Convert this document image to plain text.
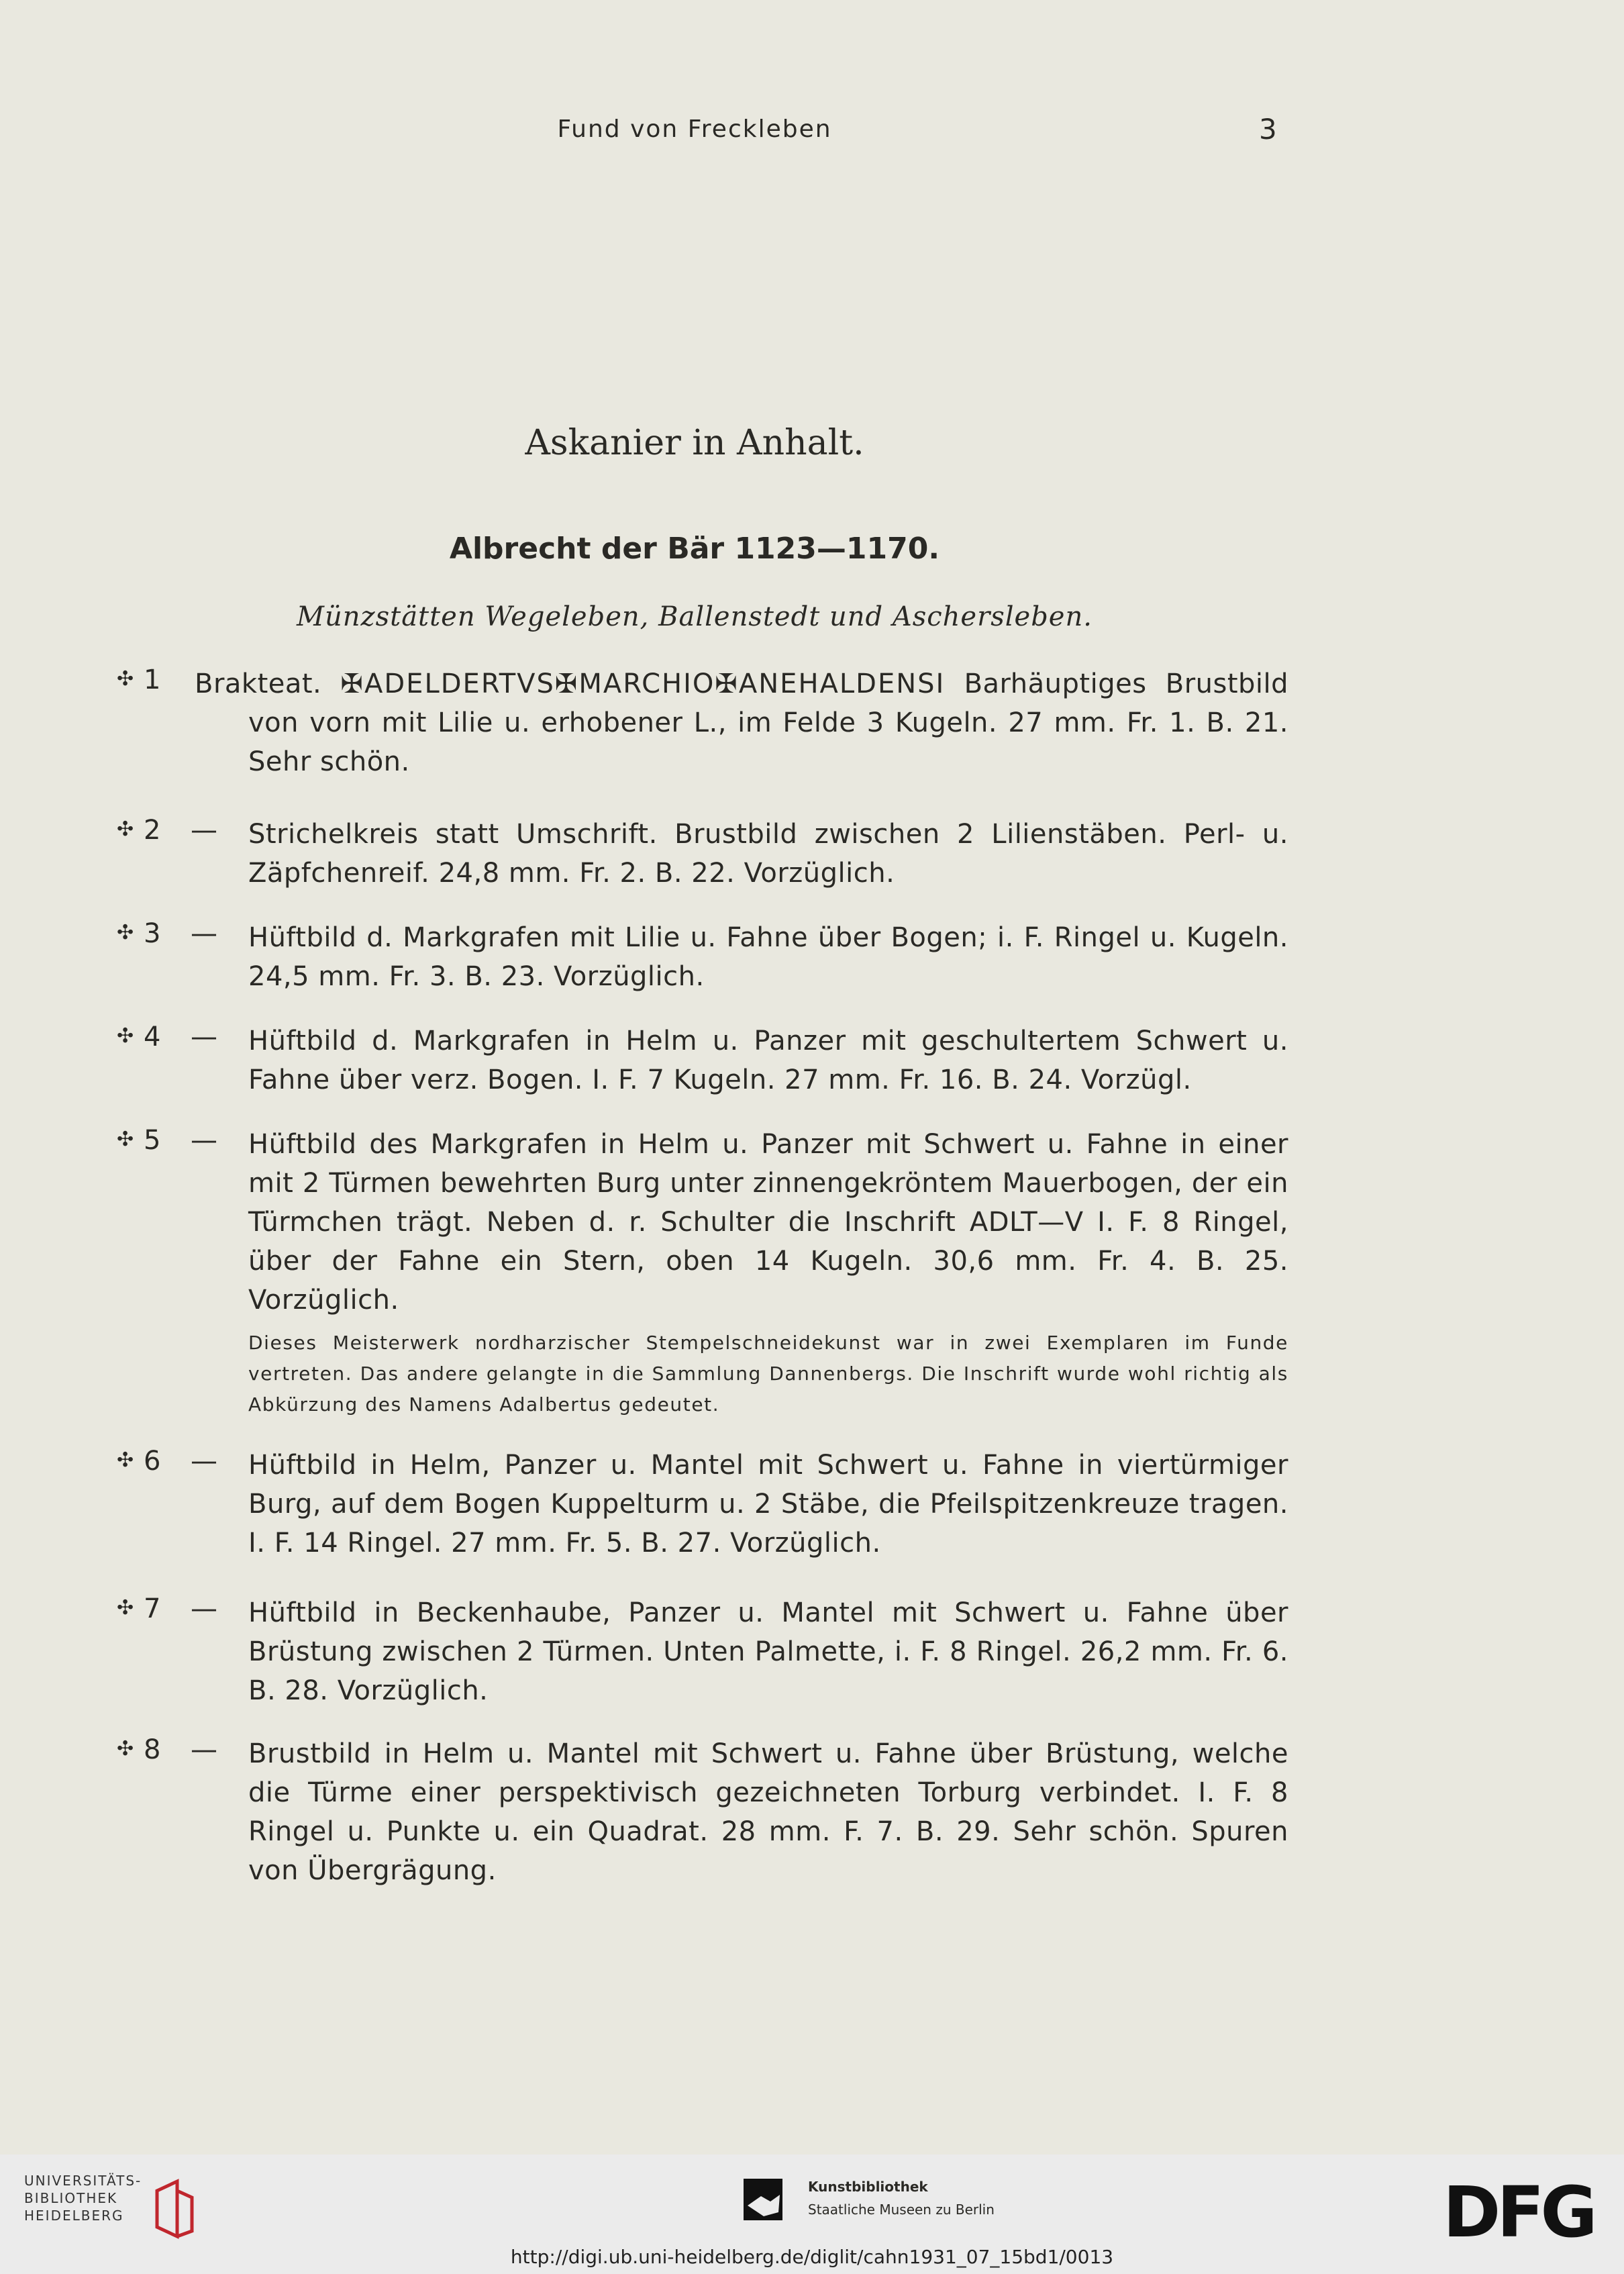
Fund von Freckleben	3
Askanier in Anhalt.
Albrecht der Bär 1123—1170.
Münzstätten Wegeleben, Ballenstedt und Aschersleben.
✣ 1 Brakteat. ✠ADELDERTVS✠MARCHIO✠ANEHALDENSI Barhäuptiges Brustbild von vorn mit Lilie u. erhobener L., im Felde 3 Kugeln. 27 mm. Fr. 1. B. 21. Sehr schön.
✣ 2 — Strichelkreis statt Umschrift. Brustbild zwischen 2 Lilienstäben. Perl- u. Zäpfchenreif. 24,8 mm. Fr. 2. B. 22. Vorzüglich.
✣ 3 — Hüftbild d. Markgrafen mit Lilie u. Fahne über Bogen; i. F. Ringel u. Kugeln. 24,5 mm. Fr. 3. B. 23. Vorzüglich.
✣ 4 — Hüftbild d. Markgrafen in Helm u. Panzer mit geschultertem Schwert u. Fahne über verz. Bogen. I. F. 7 Kugeln. 27 mm. Fr. 16. B. 24. Vorzügl.
✣ 5 — Hüftbild des Markgrafen in Helm u. Panzer mit Schwert u. Fahne in einer mit 2 Türmen bewehrten Burg unter zinnengekröntem Mauerbogen, der ein Türmchen trägt. Neben d. r. Schulter die Inschrift ADLT—V I. F. 8 Ringel, über der Fahne ein Stern, oben 14 Kugeln. 30,6 mm. Fr. 4. B. 25. Vorzüglich.
Dieses Meisterwerk nordharzischer Stempelschneidekunst war in zwei Exemplaren im Funde vertreten. Das andere gelangte in die Sammlung Dannenbergs. Die Inschrift wurde wohl richtig als Abkürzung des Namens Adalbertus gedeutet.
✣ 6 — Hüftbild in Helm, Panzer u. Mantel mit Schwert u. Fahne in viertürmiger Burg, auf dem Bogen Kuppelturm u. 2 Stäbe, die Pfeilspitzenkreuze tragen. I. F. 14 Ringel. 27 mm. Fr. 5. B. 27. Vorzüglich.
✣ 7 — Hüftbild in Beckenhaube, Panzer u. Mantel mit Schwert u. Fahne über Brüstung zwischen 2 Türmen. Unten Palmette, i. F. 8 Ringel. 26,2 mm. Fr. 6. B. 28. Vorzüglich.
✣ 8 — Brustbild in Helm u. Mantel mit Schwert u. Fahne über Brüstung, welche die Türme einer perspektivisch gezeichneten Torburg verbindet. I. F. 8 Ringel u. Punkte u. ein Quadrat. 28 mm. F. 7. B. 29. Sehr schön. Spuren von Übergrägung.
UNIVERSITÄTS-
BIBLIOTHEK
HEIDELBERG
Kunstbibliothek
Staatliche Museen zu Berlin	DFG
http://digi.ub.uni-heidelberg.de/diglit/cahn1931_07_15bd1/0013
